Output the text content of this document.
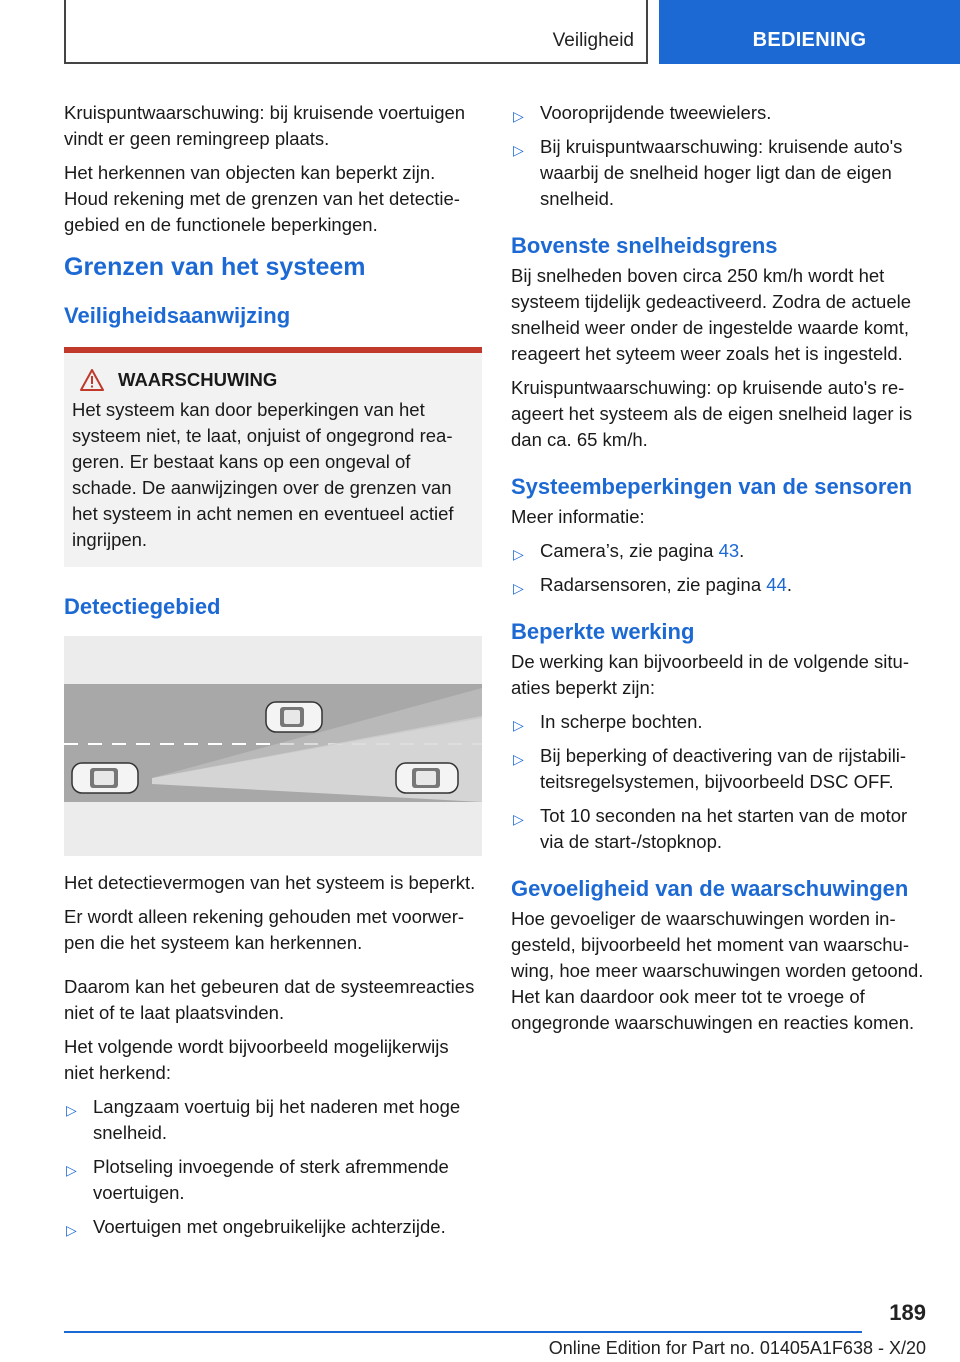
Veiligheid	BEDIENING

Kruispuntwaarschuwing: bij kruisende voertuigen vindt er geen remingreep plaats.

Het herkennen van objecten kan beperkt zijn. Houd rekening met de grenzen van het detectiegebied en de functionele beperkingen.

Grenzen van het systeem
Veiligheidsaanwijzing
WAARSCHUWING

Het systeem kan door beperkingen van het systeem niet, te laat, onjuist of ongegrond reageren. Er bestaat kans op een ongeval of schade. De aanwijzingen over de grenzen van het systeem in acht nemen en eventueel actief ingrijpen.

Detectiegebied

Het detectievermogen van het systeem is beperkt.

Er wordt alleen rekening gehouden met voorwerpen die het systeem kan herkennen.

Daarom kan het gebeuren dat de systeemreacties niet of te laat plaatsvinden.

Het volgende wordt bijvoorbeeld mogelijkerwijs niet herkend:

▷ Langzaam voertuig bij het naderen met hoge snelheid.
▷ Plotseling invoegende of sterk afremmende voertuigen.
▷ Voertuigen met ongebruikelijke achterzijde.
▷ Vooroprijdende tweewielers.
▷ Bij kruispuntwaarschuwing: kruisende auto's waarbij de snelheid hoger ligt dan de eigen snelheid.
Bovenste snelheidsgrens

Bij snelheden boven circa 250 km/h wordt het systeem tijdelijk gedeactiveerd. Zodra de actuele snelheid weer onder de ingestelde waarde komt, reageert het syteem weer zoals het is ingesteld.

Kruispuntwaarschuwing: op kruisende auto's reageert het systeem als de eigen snelheid lager is dan ca. 65 km/h.

Systeembeperkingen van de sensoren

Meer informatie:

▷ Camera’s, zie pagina 43.
▷ Radarsensoren, zie pagina 44.
Beperkte werking

De werking kan bijvoorbeeld in de volgende situaties beperkt zijn:

▷ In scherpe bochten.
▷ Bij beperking of deactivering van de rijstabiliteitsregelsystemen, bijvoorbeeld DSC OFF.
▷ Tot 10 seconden na het starten van de motor via de start-/stopknop.
Gevoeligheid van de waarschuwingen

Hoe gevoeliger de waarschuwingen worden ingesteld, bijvoorbeeld het moment van waarschuwing, hoe meer waarschuwingen worden getoond. Het kan daardoor ook meer tot te vroege of ongegronde waarschuwingen en reacties komen.

189
Online Edition for Part no. 01405A1F638 - X/20
